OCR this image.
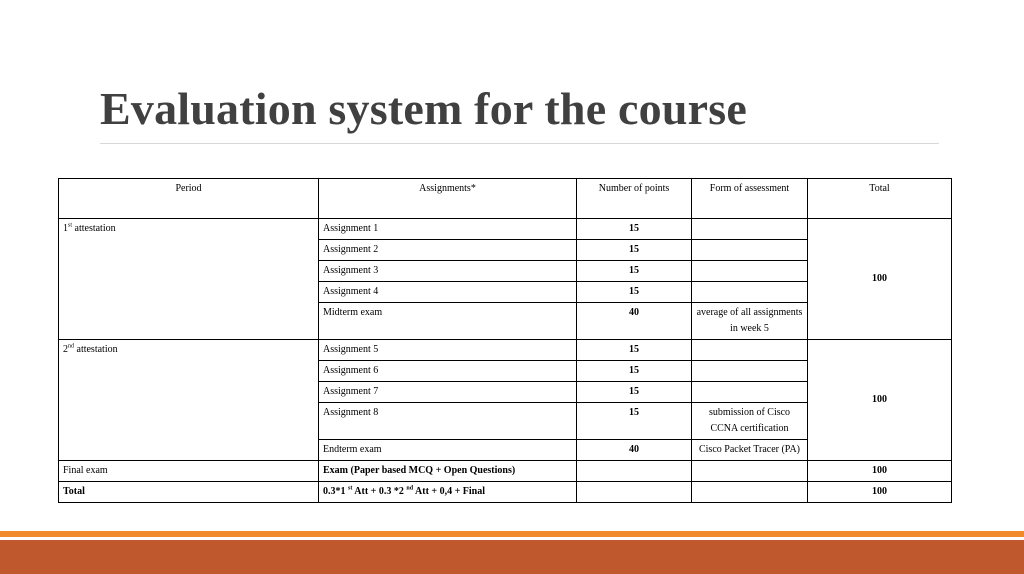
Evaluation system for the course
Period	Assignments*	Number of points	Form of assessment	Total
1st attestation	Assignment 1	15		100
	Assignment 2	15		
	Assignment 3	15		
	Assignment 4	15		
	Midterm exam	40	average of all assignments in week 5	
2nd attestation	Assignment 5	15		100
	Assignment 6	15		
	Assignment 7	15		
	Assignment 8	15	submission of Cisco CCNA certification	
	Endterm exam	40	Cisco Packet Tracer (PA)	
Final exam	Exam (Paper based MCQ + Open Questions)			100
Total	0.3*1 $^{st}$ Att + 0.3 *2 $^{nd}$ Att + 0,4 + Final			100
